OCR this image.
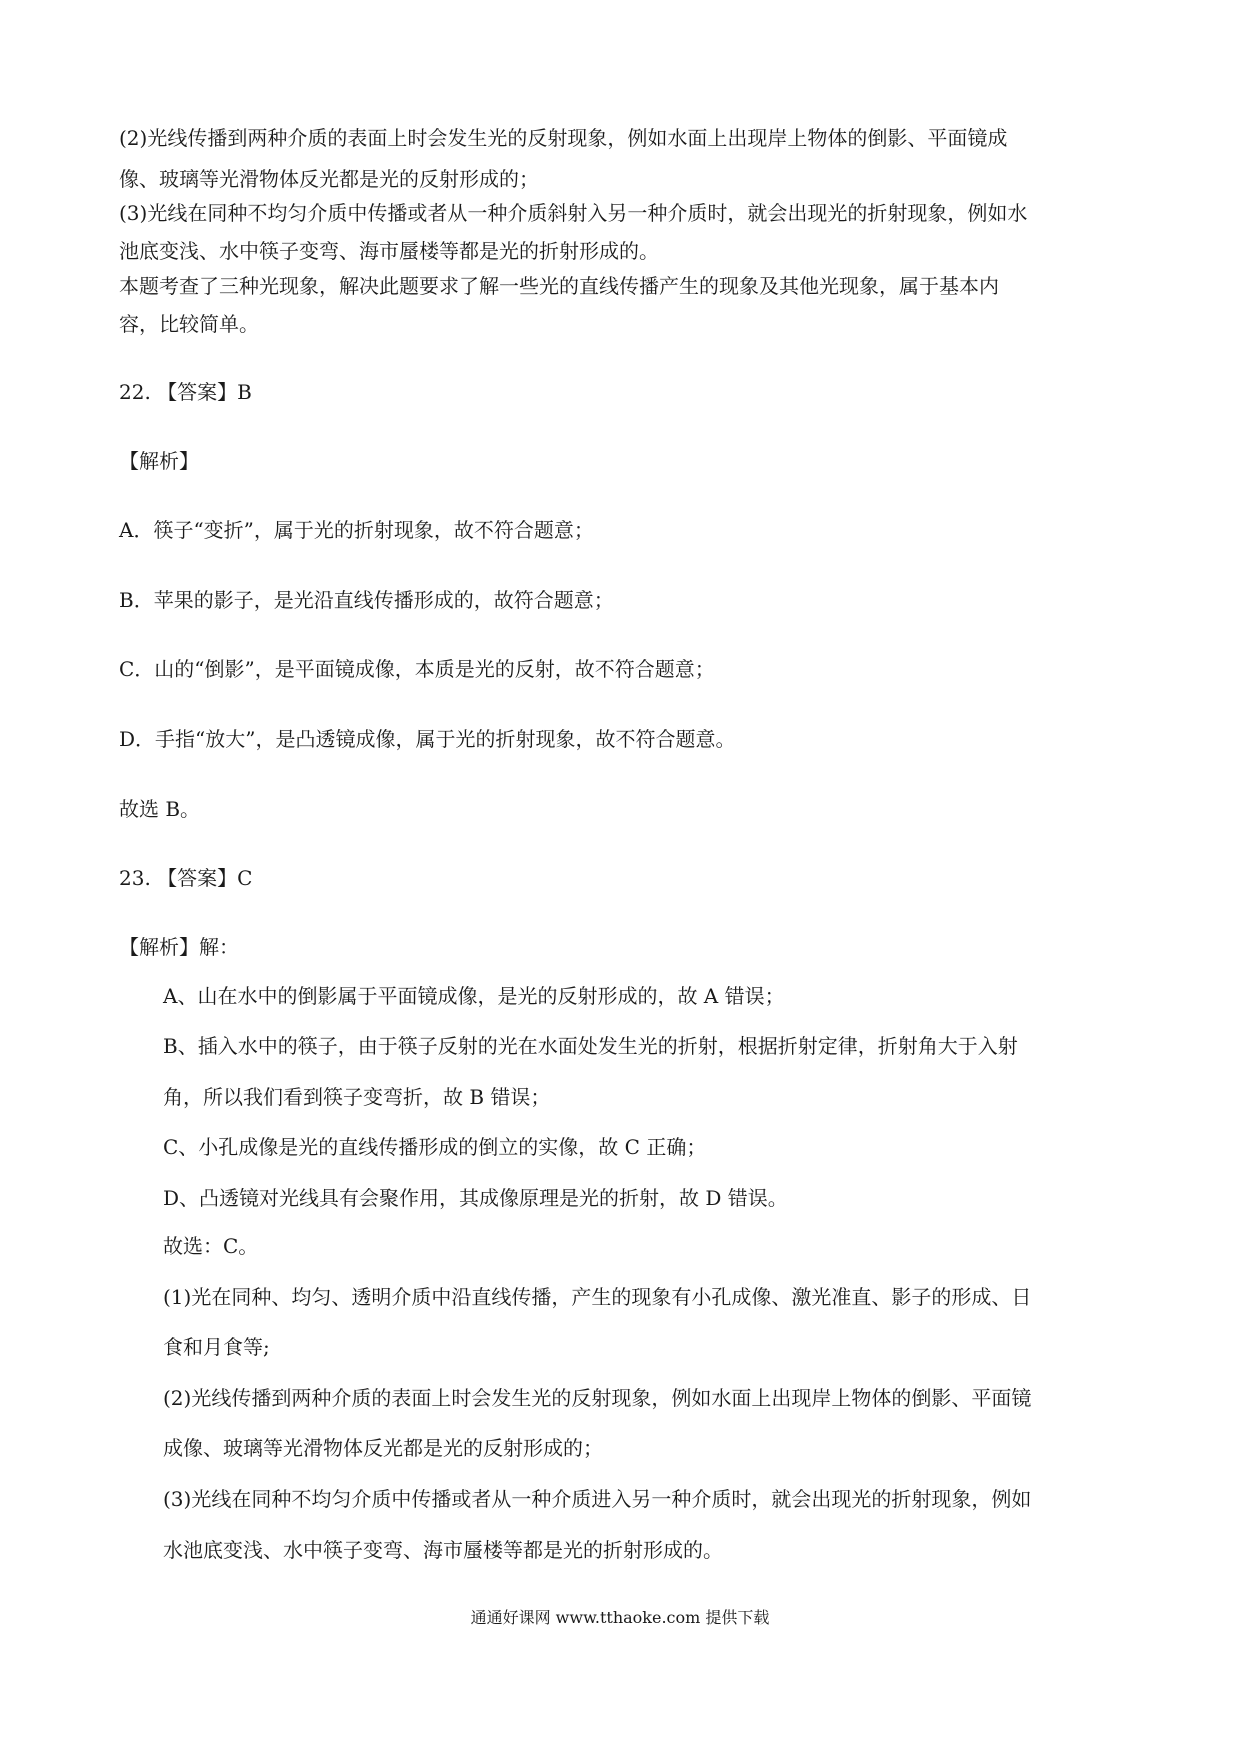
(2)光线传播到两种介质的表面上时会发生光的反射现象，例如水面上出现岸上物体的倒影、平面镜成

像、玻璃等光滑物体反光都是光的反射形成的；

(3)光线在同种不均匀介质中传播或者从一种介质斜射入另一种介质时，就会出现光的折射现象，例如水

池底变浅、水中筷子变弯、海市蜃楼等都是光的折射形成的。

本题考查了三种光现象，解决此题要求了解一些光的直线传播产生的现象及其他光现象，属于基本内

容，比较简单。

22. 【答案】B

【解析】

A．筷子“变折”，属于光的折射现象，故不符合题意；

B．苹果的影子，是光沿直线传播形成的，故符合题意；

C．山的“倒影”，是平面镜成像，本质是光的反射，故不符合题意；

D．手指“放大”，是凸透镜成像，属于光的折射现象，故不符合题意。

故选 B。

23. 【答案】C

【解析】解：

A、山在水中的倒影属于平面镜成像，是光的反射形成的，故 A 错误；

B、插入水中的筷子，由于筷子反射的光在水面处发生光的折射，根据折射定律，折射角大于入射

角，所以我们看到筷子变弯折，故 B 错误；

C、小孔成像是光的直线传播形成的倒立的实像，故 C 正确；

D、凸透镜对光线具有会聚作用，其成像原理是光的折射，故 D 错误。

故选：C。

(1)光在同种、均匀、透明介质中沿直线传播，产生的现象有小孔成像、激光准直、影子的形成、日

食和月食等;

(2)光线传播到两种介质的表面上时会发生光的反射现象，例如水面上出现岸上物体的倒影、平面镜

成像、玻璃等光滑物体反光都是光的反射形成的；

(3)光线在同种不均匀介质中传播或者从一种介质进入另一种介质时，就会出现光的折射现象，例如

水池底变浅、水中筷子变弯、海市蜃楼等都是光的折射形成的。

通通好课网 www.tthaoke.com 提供下载
